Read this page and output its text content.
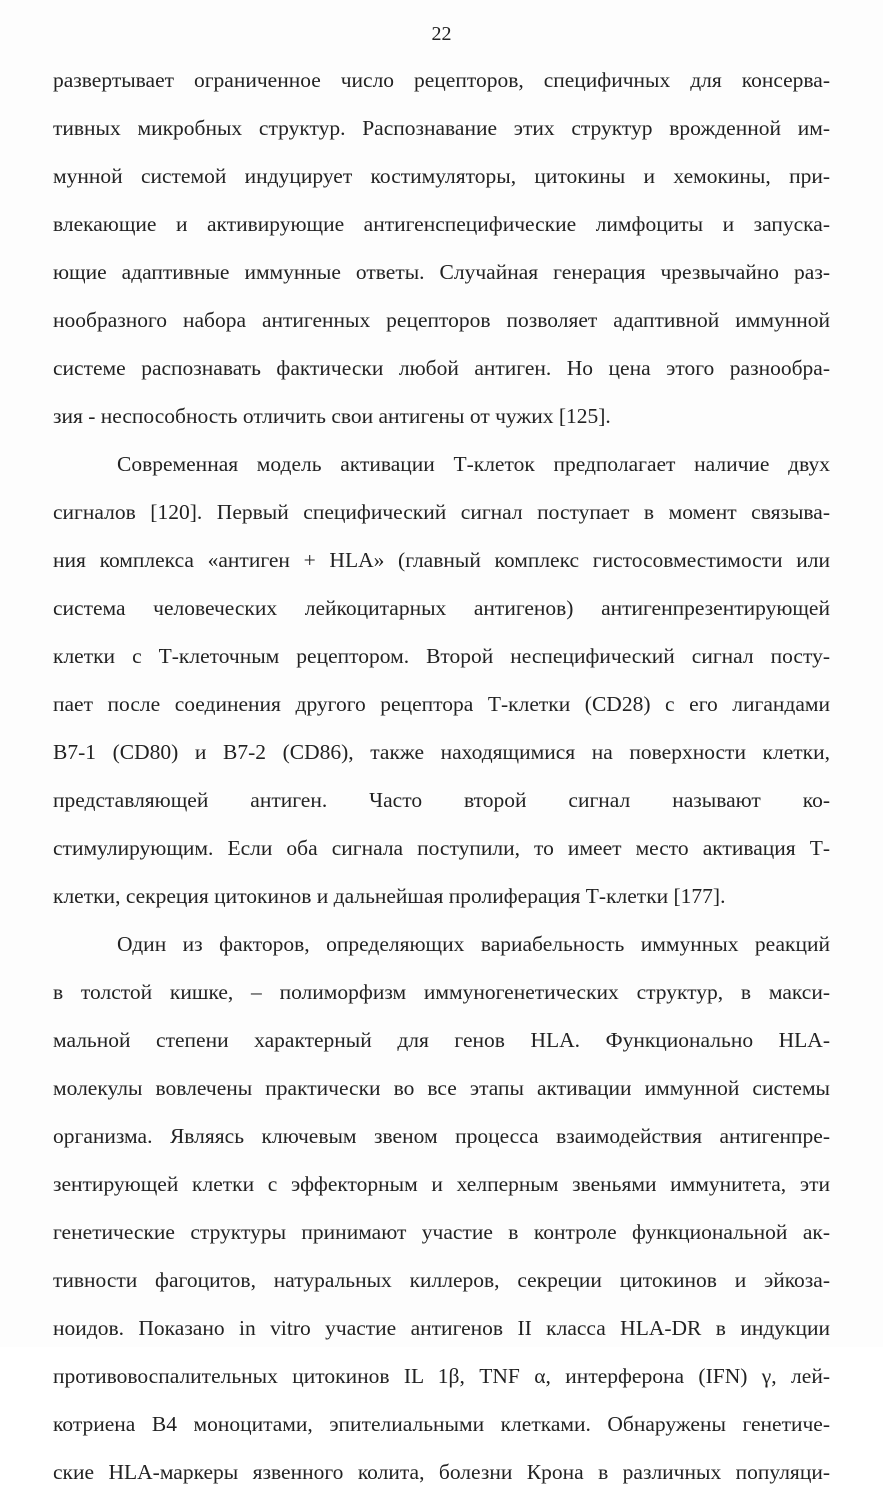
22
развертывает ограниченное число рецепторов, специфичных для консерва-
тивных микробных структур. Распознавание этих структур врожденной им-
мунной системой индуцирует костимуляторы, цитокины и хемокины, при-
влекающие и активирующие антигенспецифические лимфоциты и запуска-
ющие адаптивные иммунные ответы. Случайная генерация чрезвычайно раз-
нообразного набора антигенных рецепторов позволяет адаптивной иммунной
системе распознавать фактически любой антиген. Но цена этого разнообра-
зия - неспособность отличить свои антигены от чужих [125].
Современная модель активации Т-клеток предполагает наличие двух
сигналов [120]. Первый специфический сигнал поступает в момент связыва-
ния комплекса «антиген + HLA» (главный комплекс гистосовместимости или
система человеческих лейкоцитарных антигенов) антигенпрезентирующей
клетки с Т-клеточным рецептором. Второй неспецифический сигнал посту-
пает после соединения другого рецептора Т-клетки (CD28) с его лигандами
B7-1 (CD80) и B7-2 (CD86), также находящимися на поверхности клетки,
представляющей антиген. Часто второй сигнал называют ко-
стимулирующим. Если оба сигнала поступили, то имеет место активация Т-
клетки, секреция цитокинов и дальнейшая пролиферация Т-клетки [177].
Один из факторов, определяющих вариабельность иммунных реакций
в толстой кишке, – полиморфизм иммуногенетических структур, в макси-
мальной степени характерный для генов HLA. Функционально HLA-
молекулы вовлечены практически во все этапы активации иммунной системы
организма. Являясь ключевым звеном процесса взаимодействия антигенпре-
зентирующей клетки с эффекторным и хелперным звеньями иммунитета, эти
генетические структуры принимают участие в контроле функциональной ак-
тивности фагоцитов, натуральных киллеров, секреции цитокинов и эйкоза-
ноидов. Показано in vitro участие антигенов II класса HLA-DR в индукции
противовоспалительных цитокинов IL 1β, TNF α, интерферона (IFN) γ, лей-
котриена B4 моноцитами, эпителиальными клетками. Обнаружены генетиче-
ские HLA-маркеры язвенного колита, болезни Крона в различных популяци-
